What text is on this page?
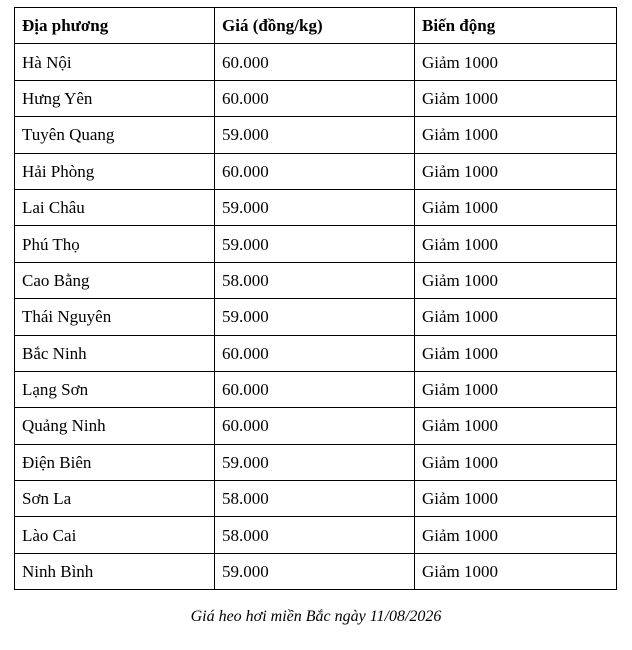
Địa phương	Giá (đồng/kg)	Biến động
Hà Nội	60.000	Giảm 1000
Hưng Yên	60.000	Giảm 1000
Tuyên Quang	59.000	Giảm 1000
Hải Phòng	60.000	Giảm 1000
Lai Châu	59.000	Giảm 1000
Phú Thọ	59.000	Giảm 1000
Cao Bằng	58.000	Giảm 1000
Thái Nguyên	59.000	Giảm 1000
Bắc Ninh	60.000	Giảm 1000
Lạng Sơn	60.000	Giảm 1000
Quảng Ninh	60.000	Giảm 1000
Điện Biên	59.000	Giảm 1000
Sơn La	58.000	Giảm 1000
Lào Cai	58.000	Giảm 1000
Ninh Bình	59.000	Giảm 1000
Giá heo hơi miền Bắc ngày 11/08/2026
